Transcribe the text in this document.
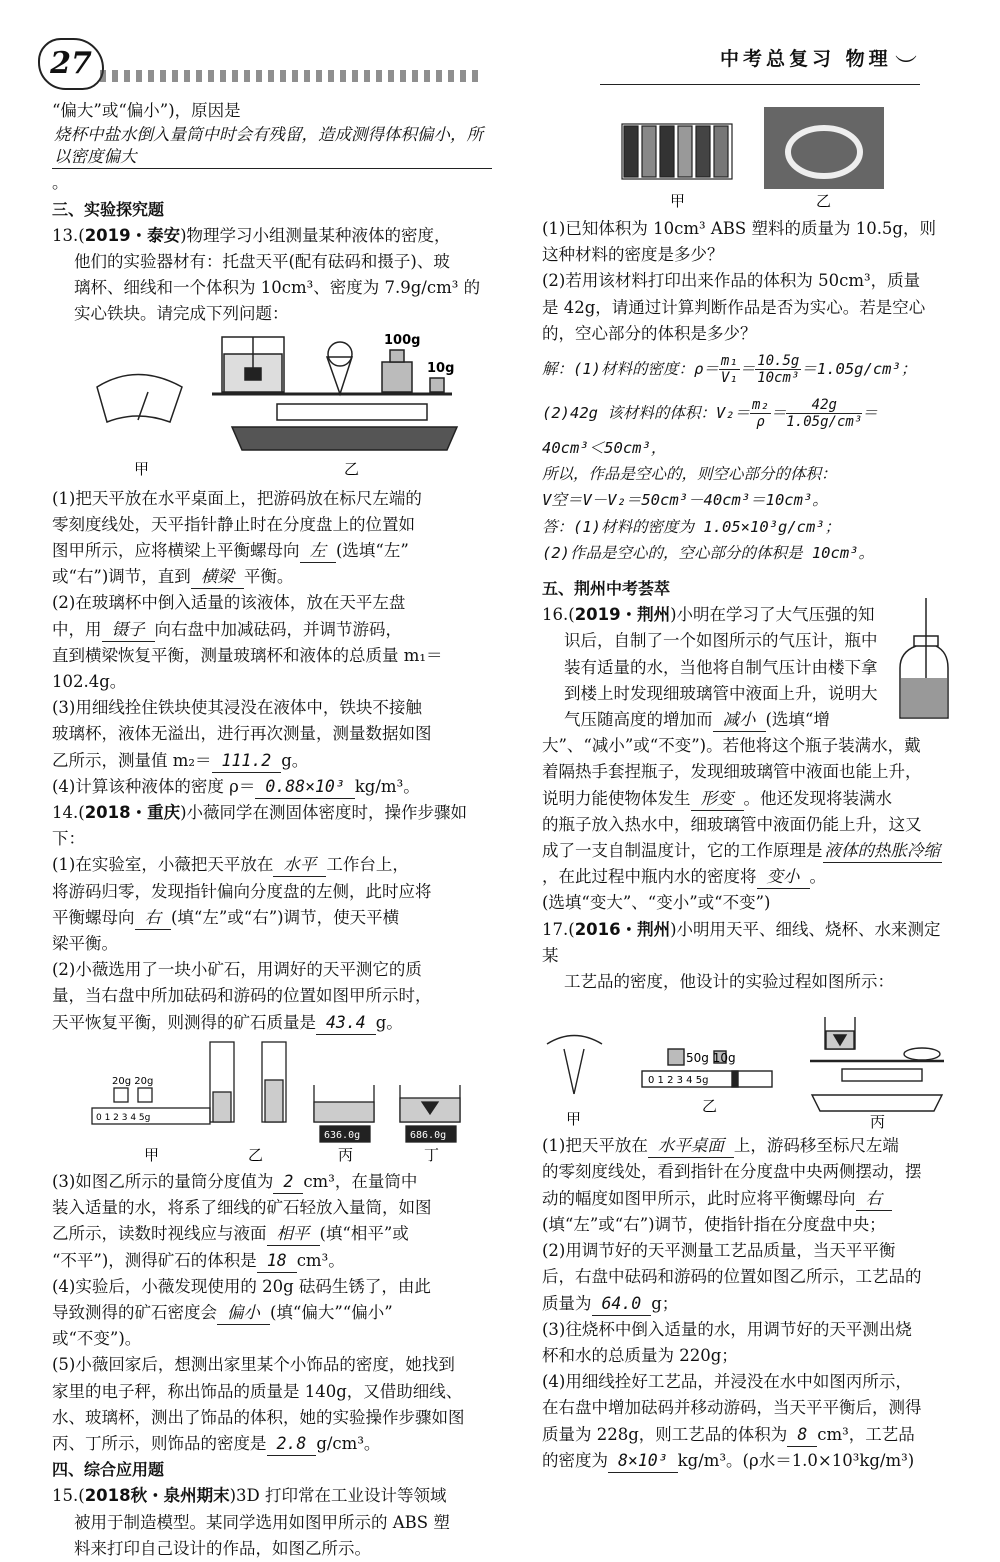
27	中考总复习 物理 ︶

“偏大”或“偏小”)，原因是 烧杯中盐水倒入量筒中时会有残留，造成测得体积偏小，所以密度偏大。

三、实验探究题

13.(2019・泰安)物理学习小组测量某种液体的密度，

他们的实验器材有：托盘天平(配有砝码和摄子)、玻

璃杯、细线和一个体积为 10cm³、密度为 7.9g/cm³ 的

实心铁块。请完成下列问题：

100g
10g
甲	乙

(1)把天平放在水平桌面上，把游码放在标尺左端的

零刻度线处，天平指针静止时在分度盘上的位置如

图甲所示，应将横梁上平衡螺母向 左 (选填“左”

或“右”)调节，直到 横梁 平衡。

(2)在玻璃杯中倒入适量的该液体，放在天平左盘

中，用 镊子 向右盘中加减砝码，并调节游码，

直到横梁恢复平衡，测量玻璃杯和液体的总质量 m₁＝

102.4g。

(3)用细线拴住铁块使其浸没在液体中，铁块不接触

玻璃杯，液体无溢出，进行再次测量，测量数据如图

乙所示，测量值 m₂＝ 111.2 g。

(4)计算该种液体的密度 ρ＝ 0.88×10³ kg/m³。

14.(2018・重庆)小薇同学在测固体密度时，操作步骤如下：

(1)在实验室，小薇把天平放在 水平 工作台上，

将游码归零，发现指针偏向分度盘的左侧，此时应将

平衡螺母向 右 (填“左”或“右”)调节，使天平横

梁平衡。

(2)小薇选用了一块小矿石，用调好的天平测它的质

量，当右盘中所加砝码和游码的位置如图甲所示时，

天平恢复平衡，则测得的矿石质量是 43.4 g。

20g 20g
0 1 2 3 4 5g
636.0g	686.0g
甲	乙	丙	丁

(3)如图乙所示的量筒分度值为 2 cm³，在量筒中

装入适量的水，将系了细线的矿石轻放入量筒，如图

乙所示，读数时视线应与液面 相平 (填“相平”或

“不平”)，测得矿石的体积是 18 cm³。

(4)实验后，小薇发现使用的 20g 砝码生锈了，由此

导致测得的矿石密度会 偏小 (填“偏大”“偏小”

或“不变”)。

(5)小薇回家后，想测出家里某个小饰品的密度，她找到

家里的电子秤，称出饰品的质量是 140g，又借助细线、

水、玻璃杯，测出了饰品的体积，她的实验操作步骤如图

丙、丁所示，则饰品的密度是 2.8 g/cm³。

四、综合应用题

15.(2018秋・泉州期末)3D 打印常在工业设计等领域

被用于制造模型。某同学选用如图甲所示的 ABS 塑

料来打印自己设计的作品，如图乙所示。

甲	乙

(1)已知体积为 10cm³ ABS 塑料的质量为 10.5g，则

这种材料的密度是多少？

(2)若用该材料打印出来作品的体积为 50cm³，质量

是 42g，请通过计算判断作品是否为实心。若是空心

的，空心部分的体积是多少？

解：(1)材料的密度：$\rho= \frac{\text{m₁}}{\text{V₁}} = \frac{10.5g}{\text{10cm³}} =1.05g/cm^3$；

(2)42g 该材料的体积：$V_2= \frac{\text{m₂}}{\rho} = \frac{42g}{\text{1.05g/cm³}}$ ＝

40cm³＜50cm³，

所以，作品是空心的，则空心部分的体积：

V空＝V－V₂＝50cm³－40cm³＝10cm³。

答：(1)材料的密度为 1.05×10³g/cm³；

(2)作品是空心的，空心部分的体积是 10cm³。

五、荆州中考荟萃

16.(2019・荆州)小明在学习了大气压强的知

识后，自制了一个如图所示的气压计，瓶中

装有适量的水，当他将自制气压计由楼下拿

到楼上时发现细玻璃管中液面上升，说明大

气压随高度的增加而 减小 (选填“增

大”、“减小”或“不变”)。若他将这个瓶子装满水，戴

着隔热手套捏瓶子，发现细玻璃管中液面也能上升，

说明力能使物体发生 形变 。他还发现将装满水

的瓶子放入热水中，细玻璃管中液面仍能上升，这又

成了一支自制温度计，它的工作原理是 液体的热胀冷缩，在此过程中瓶内水的密度将 变小 。

(选填“变大”、“变小”或“不变”)

17.(2016・荆州)小明用天平、细线、烧杯、水来测定某

工艺品的密度，他设计的实验过程如图所示：

50g 10g
0 1 2 3 4 5g
甲
乙
丙

(1)把天平放在 水平桌面 上，游码移至标尺左端

的零刻度线处，看到指针在分度盘中央两侧摆动，摆

动的幅度如图甲所示，此时应将平衡螺母向 右

(填“左”或“右”)调节，使指针指在分度盘中央；

(2)用调节好的天平测量工艺品质量，当天平平衡

后，右盘中砝码和游码的位置如图乙所示，工艺品的

质量为 64.0 g；

(3)往烧杯中倒入适量的水，用调节好的天平测出烧

杯和水的总质量为 220g；

(4)用细线拴好工艺品，并浸没在水中如图丙所示，

在右盘中增加砝码并移动游码，当天平平衡后，测得

质量为 228g，则工艺品的体积为 8 cm³，工艺品

的密度为 8×10³ kg/m³。(ρ水＝1.0×10³kg/m³)
